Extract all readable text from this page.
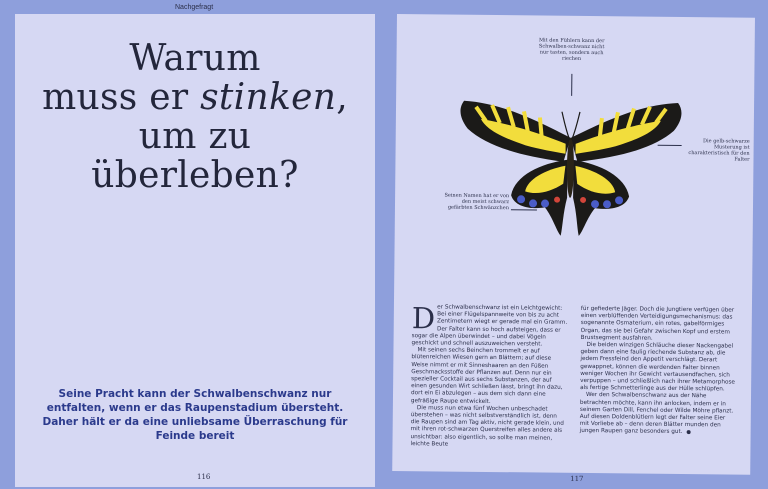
Nachgefragt

Warum
muss er stinken,
um zu
überleben?

Seine Pracht kann der Schwalbenschwanz nur entfalten, wenn er das Raupenstadium übersteht. Daher hält er da eine unliebsame Überraschung für Feinde bereit

116

Mit den Fühlern kann der Schwalben-schwanz nicht nur tasten, sondern auch riechen

Die gelb-schwarze Musterung ist charakteristisch für den Falter

Seinen Namen hat er von den meist schwarz gefärbten Schwänzchen

D er Schwalbenschwanz ist ein Leichtgewicht: Bei einer Flügelspannweite von bis zu acht Zentimetern wiegt er gerade mal ein Gramm. Der Falter kann so hoch aufsteigen, dass er sogar die Alpen überwindet – und dabei Vögeln geschickt und schnell auszuweichen versteht.

Mit seinen sechs Beinchen trommelt er auf blütenreichen Wiesen gern an Blättern; auf diese Weise nimmt er mit Sinneshaaren an den Füßen Geschmacksstoffe der Pflanzen auf. Denn nur ein spezieller Cocktail aus sechs Substanzen, der auf einen gesunden Wirt schließen lässt, bringt ihn dazu, dort ein Ei abzulegen – aus dem sich dann eine gefräßige Raupe entwickelt.

Die muss nun etwa fünf Wochen unbeschadet überstehen – was nicht selbstverständlich ist, denn die Raupen sind am Tag aktiv, nicht gerade klein, und mit ihren rot-schwarzen Querstreifen alles andere als unsichtbar: also eigentlich, so sollte man meinen, leichte Beute

für gefiederte Jäger. Doch die Jungtiere verfügen über einen verblüffenden Verteidigungsmechanismus: das sogenannte Osmaterium, ein rotes, gabelförmiges Organ, das sie bei Gefahr zwischen Kopf und erstem Brustsegment ausfahren.

Die beiden winzigen Schläuche dieser Nackengabel geben dann eine faulig riechende Substanz ab, die jedem Fressfeind den Appetit verschlägt. Derart gewappnet, können die werdenden Falter binnen weniger Wochen ihr Gewicht vertausendfachen, sich verpuppen – und schließlich nach ihrer Metamorphose als fertige Schmetterlinge aus der Hülle schlüpfen.

Wer den Schwalbenschwanz aus der Nähe betrachten möchte, kann ihn anlocken, indem er in seinem Garten Dill, Fenchel oder Wilde Möhre pflanzt. Auf diesen Doldenblütlern legt der Falter seine Eier mit Vorliebe ab – denn deren Blätter munden den jungen Raupen ganz besonders gut.

117
